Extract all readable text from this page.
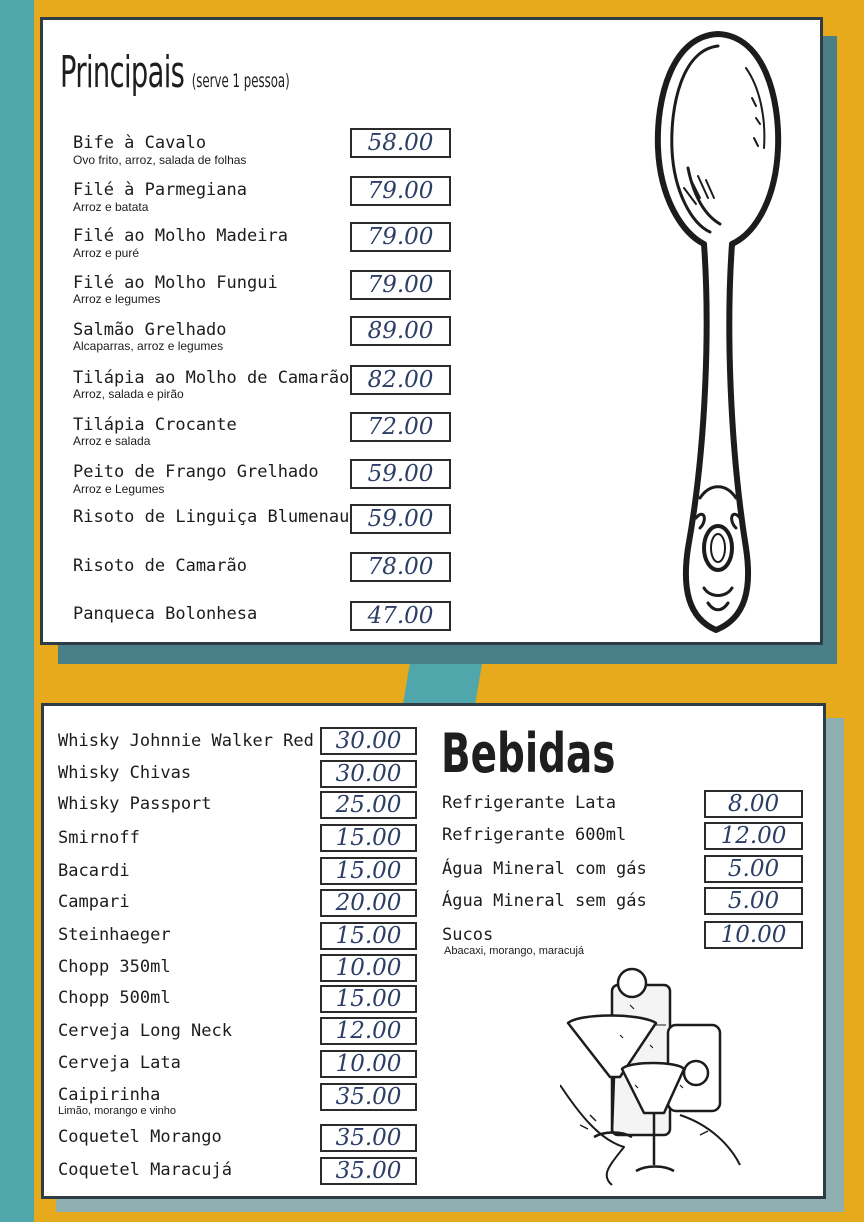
Principais (serve 1 pessoa)
Bebidas
Bife à Cavalo
Ovo frito, arroz, salada de folhas
58.00
Filé à Parmegiana
Arroz e batata
79.00
Filé ao Molho Madeira
Arroz e puré
79.00
Filé ao Molho Fungui
Arroz e legumes
79.00
Salmão Grelhado
Alcaparras, arroz e legumes
89.00
Tilápia ao Molho de Camarão
Arroz, salada e pirão
82.00
Tilápia Crocante
Arroz e salada
72.00
Peito de Frango Grelhado
Arroz e Legumes
59.00
Risoto de Linguiça Blumenau 59.00
Risoto de Camarão	78.00
Panqueca Bolonhesa	47.00
Whisky Johnnie Walker Red 30.00
Whisky Chivas	30.00
Whisky Passport	25.00
Smirnoff	15.00
Bacardi	15.00
Campari	20.00
Steinhaeger	15.00
Chopp 350ml	10.00
Chopp 500ml	15.00
Cerveja Long Neck	12.00
Cerveja Lata	10.00
Caipirinha
Limão, morango e vinho
35.00
Coquetel Morango	35.00
Coquetel Maracujá	35.00
Refrigerante Lata	8.00
Refrigerante 600ml	12.00
Água Mineral com gás	5.00
Água Mineral sem gás	5.00
Sucos
Abacaxi, morango, maracujá
10.00
